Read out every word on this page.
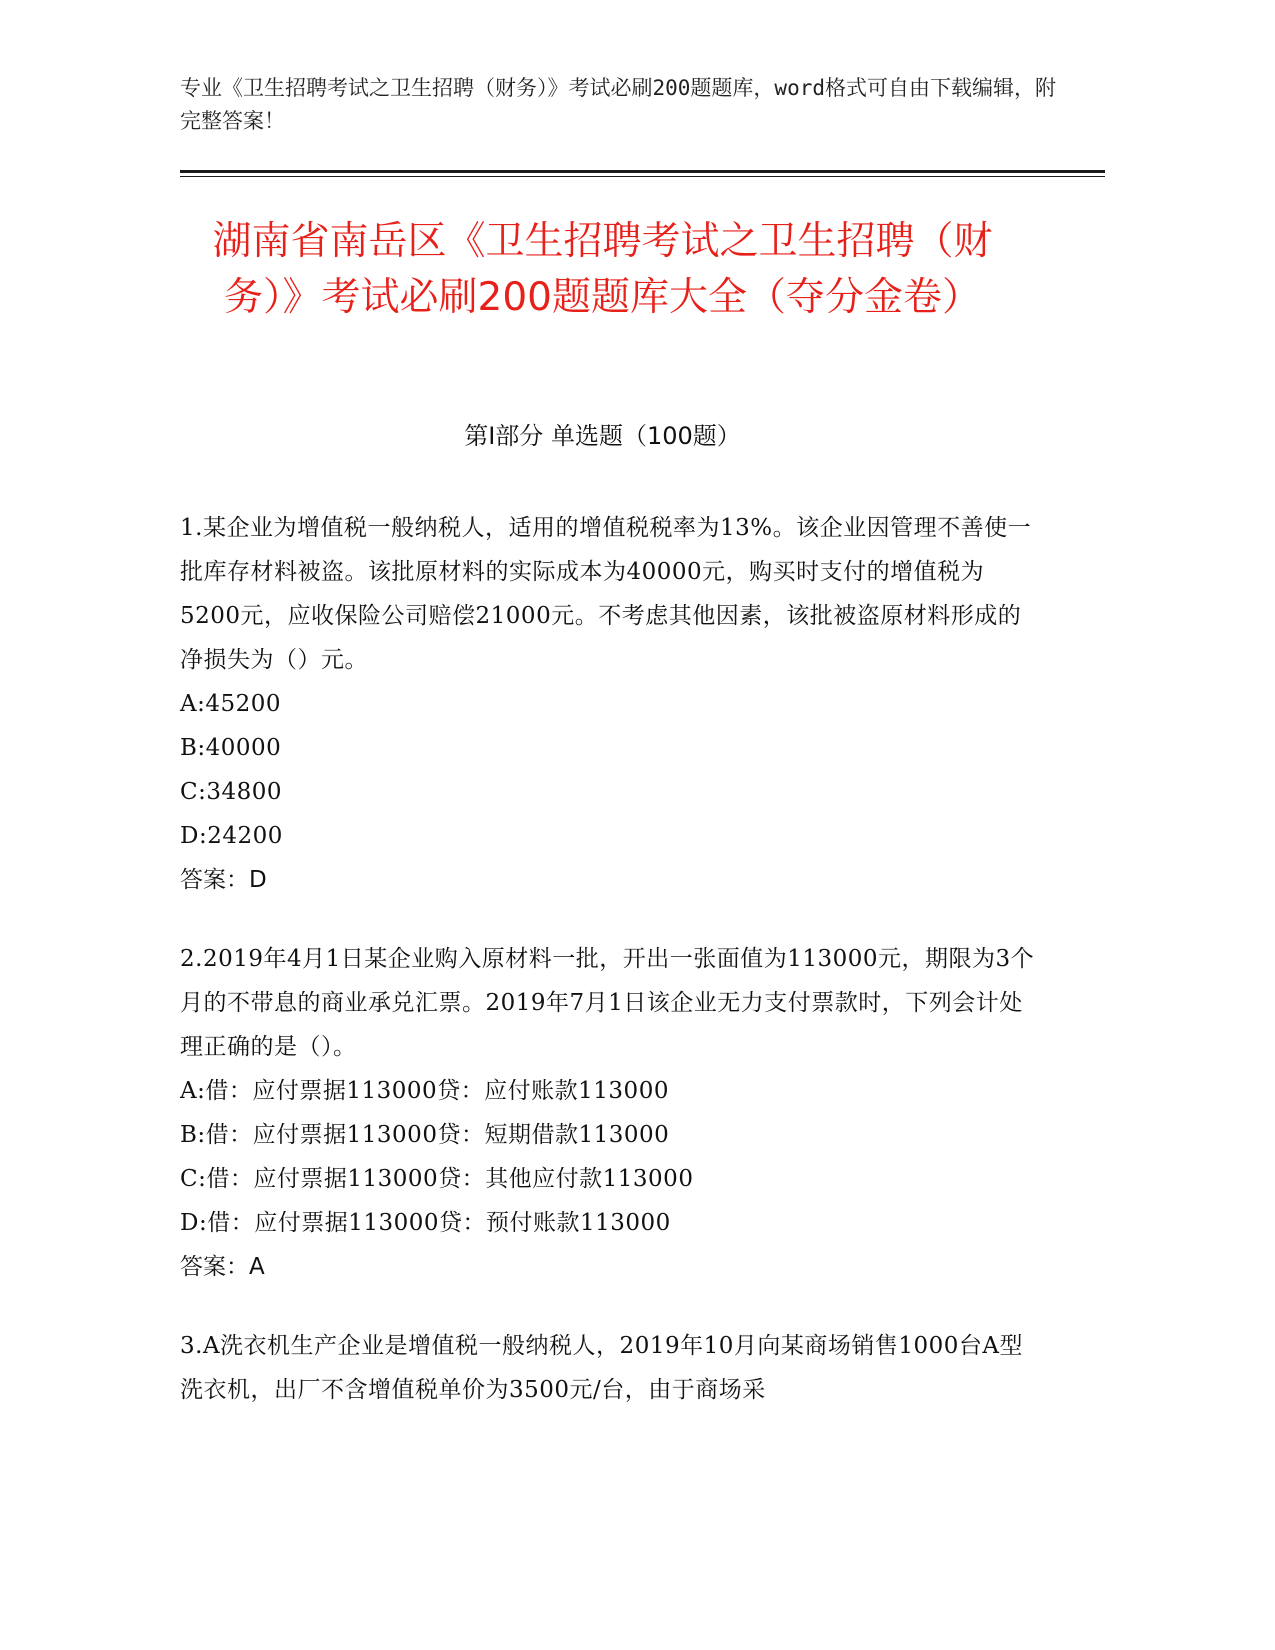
专业《卫生招聘考试之卫生招聘（财务）》考试必刷200题题库，word格式可自由下载编辑，附完整答案！
湖南省南岳区《卫生招聘考试之卫生招聘（财务）》考试必刷200题题库大全（夺分金卷）
第I部分 单选题（100题）
1.某企业为增值税一般纳税人，适用的增值税税率为13%。该企业因管理不善使一批库存材料被盗。该批原材料的实际成本为40000元，购买时支付的增值税为5200元，应收保险公司赔偿21000元。不考虑其他因素，该批被盗原材料形成的净损失为（）元。
A:45200
B:40000
C:34800
D:24200
答案：D
2.2019年4月1日某企业购入原材料一批，开出一张面值为113000元，期限为3个月的不带息的商业承兑汇票。2019年7月1日该企业无力支付票款时，下列会计处理正确的是（）。
A:借：应付票据113000贷：应付账款113000
B:借：应付票据113000贷：短期借款113000
C:借：应付票据113000贷：其他应付款113000
D:借：应付票据113000贷：预付账款113000
答案：A
3.A洗衣机生产企业是增值税一般纳税人，2019年10月向某商场销售1000台A型洗衣机，出厂不含增值税单价为3500元/台，由于商场采
